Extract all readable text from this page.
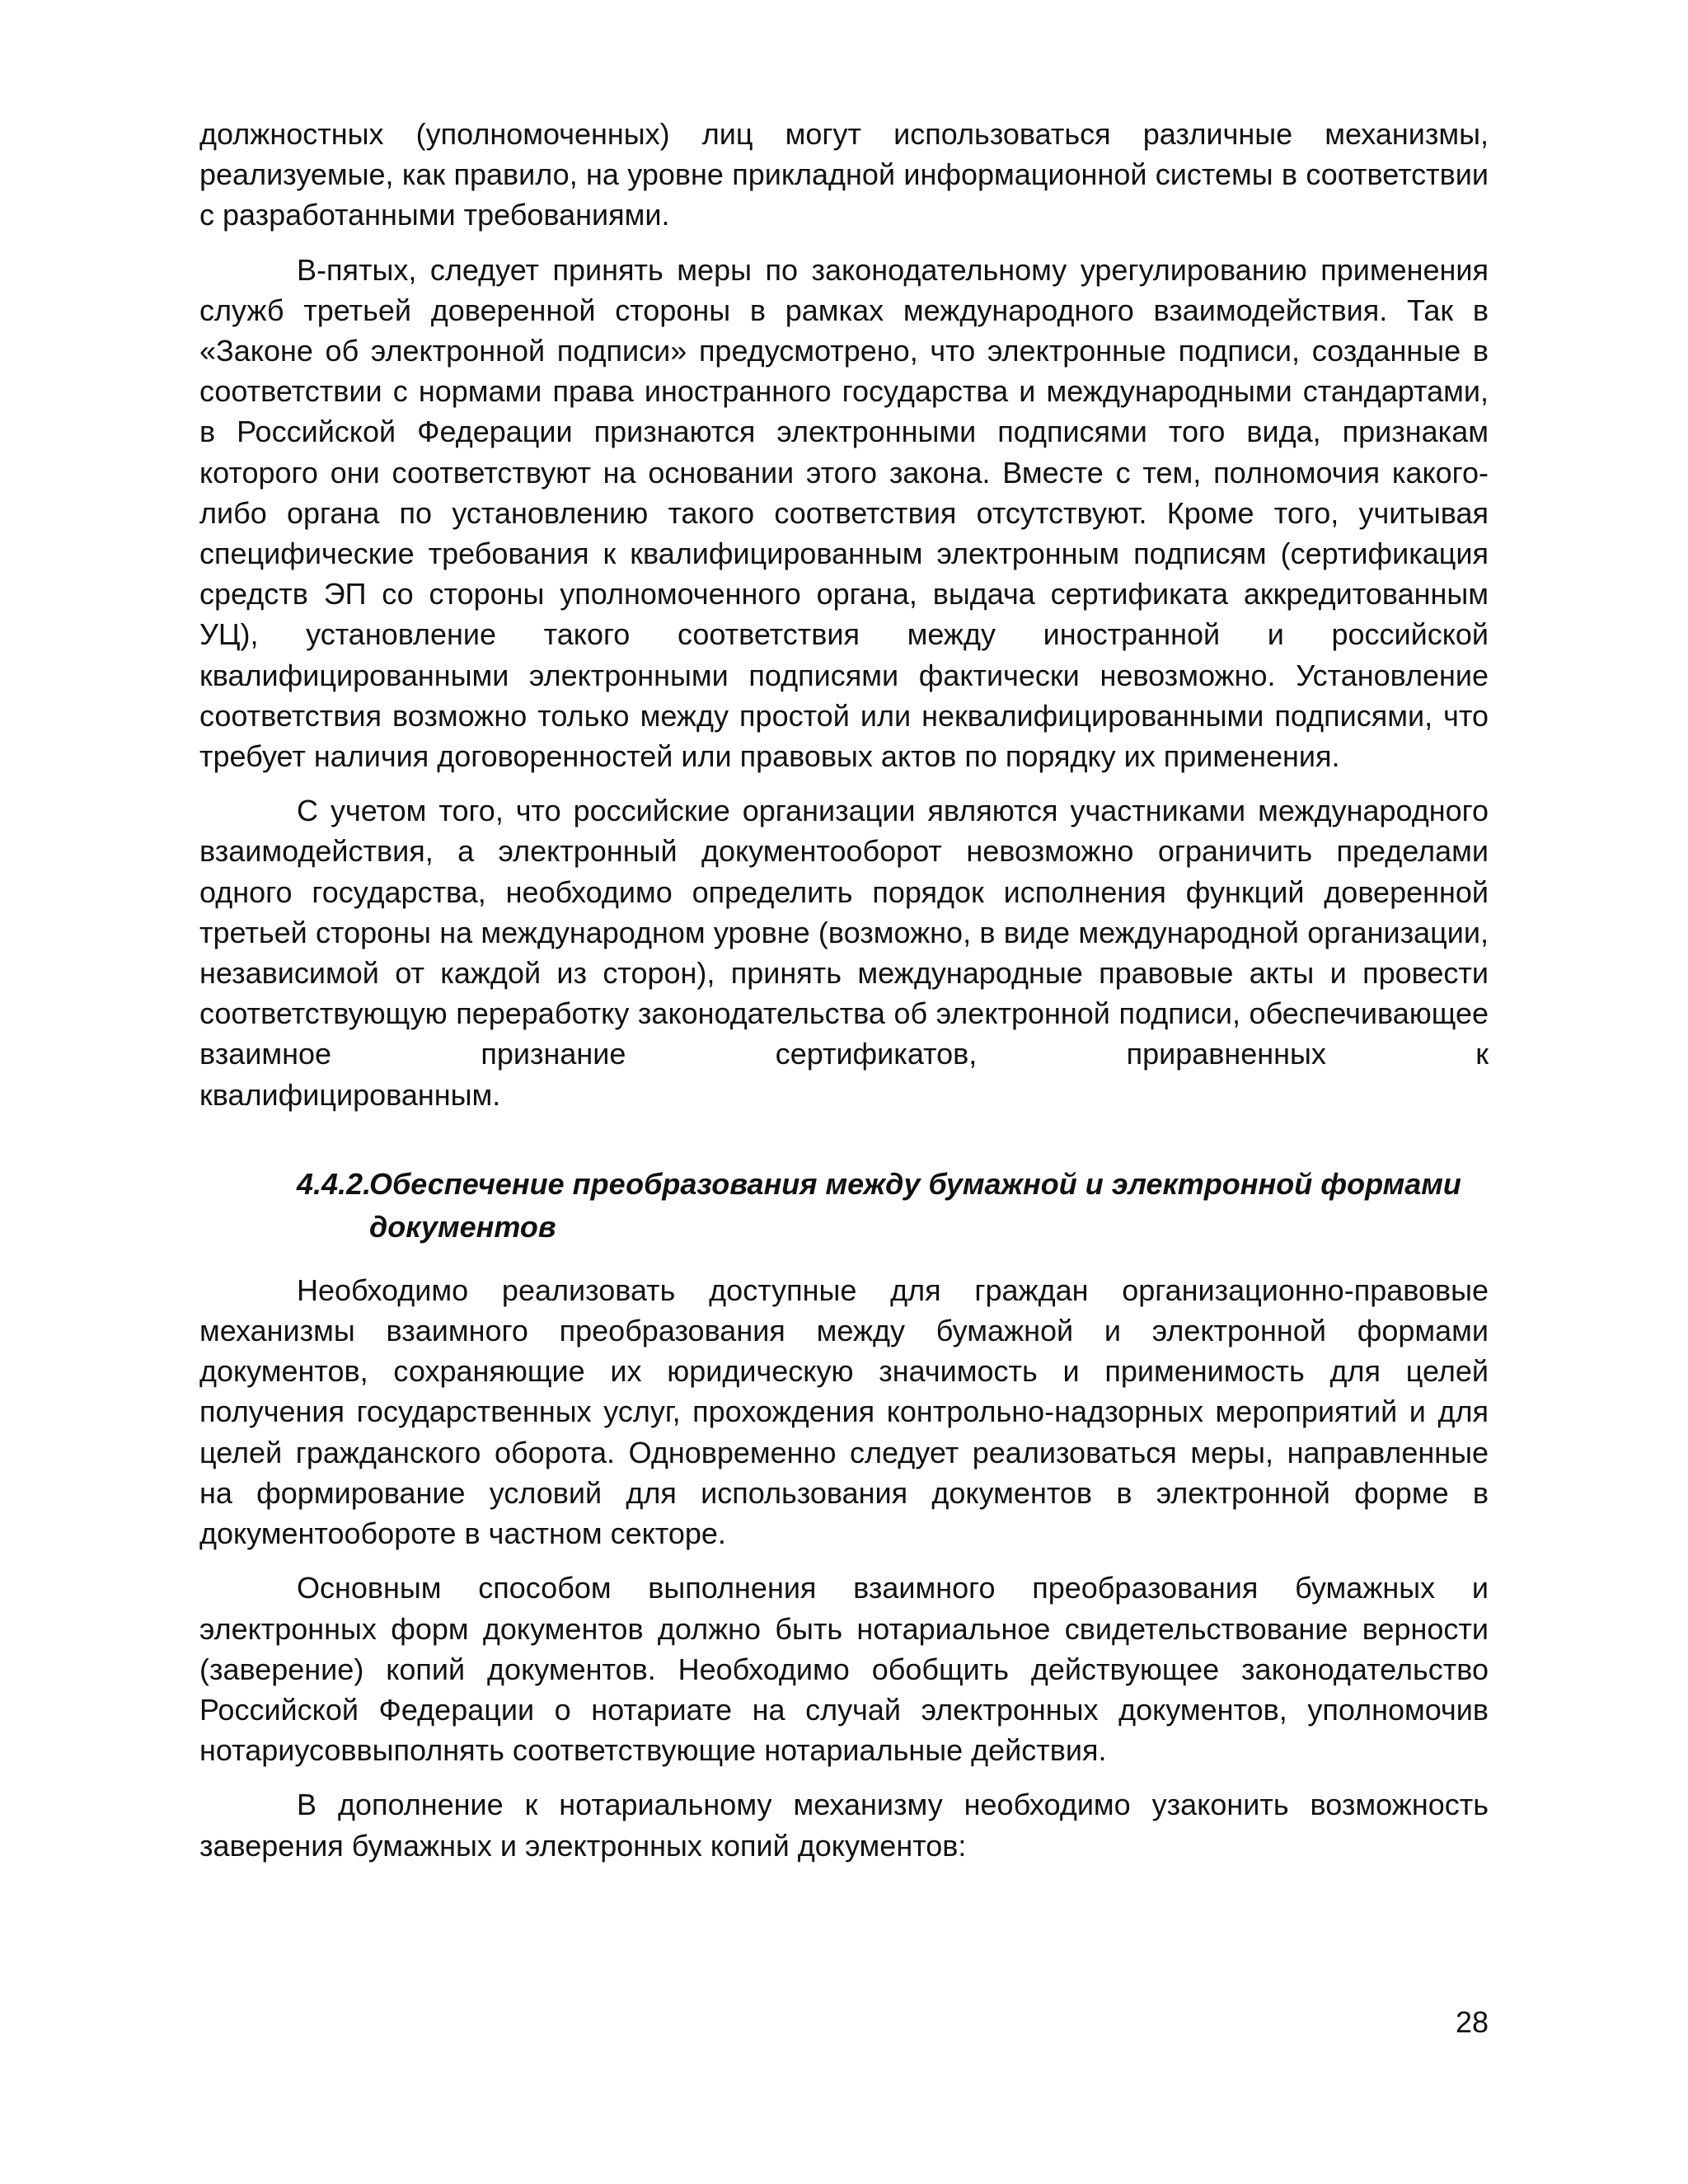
должностных (уполномоченных) лиц могут использоваться различные механизмы, реализуемые, как правило, на уровне прикладной информационной системы в соответствии с разработанными требованиями.

В-пятых, следует принять меры по законодательному урегулированию применения служб третьей доверенной стороны в рамках международного взаимодействия. Так в «Законе об электронной подписи» предусмотрено, что электронные подписи, созданные в соответствии с нормами права иностранного государства и международными стандартами, в Российской Федерации признаются электронными подписями того вида, признакам которого они соответствуют на основании этого закона. Вместе с тем, полномочия какого-либо органа по установлению такого соответствия отсутствуют. Кроме того, учитывая специфические требования к квалифицированным электронным подписям (сертификация средств ЭП со стороны уполномоченного органа, выдача сертификата аккредитованным УЦ), установление такого соответствия между иностранной и российской квалифицированными электронными подписями фактически невозможно. Установление соответствия возможно только между простой или неквалифицированными подписями, что требует наличия договоренностей или правовых актов по порядку их применения.

С учетом того, что российские организации являются участниками международного взаимодействия, а электронный документооборот невозможно ограничить пределами одного государства, необходимо определить порядок исполнения функций доверенной третьей стороны на международном уровне (возможно, в виде международной организации, независимой от каждой из сторон), принять международные правовые акты и провести соответствующую переработку законодательства об электронной подписи, обеспечивающее взаимное признание сертификатов, приравненных к

квалифицированным.

4.4.2.Обеспечение преобразования между бумажной и электронной формами
документов

Необходимо реализовать доступные для граждан организационно-правовые механизмы взаимного преобразования между бумажной и электронной формами документов, сохраняющие их юридическую значимость и применимость для целей получения государственных услуг, прохождения контрольно-надзорных мероприятий и для целей гражданского оборота. Одновременно следует реализоваться меры, направленные на формирование условий для использования документов в электронной форме в документообороте в частном секторе.

Основным способом выполнения взаимного преобразования бумажных и электронных форм документов должно быть нотариальное свидетельствование верности (заверение) копий документов. Необходимо обобщить действующее законодательство Российской Федерации о нотариате на случай электронных документов, уполномочив нотариусоввыполнять соответствующие нотариальные действия.

В дополнение к нотариальному механизму необходимо узаконить возможность заверения бумажных и электронных копий документов:

28
